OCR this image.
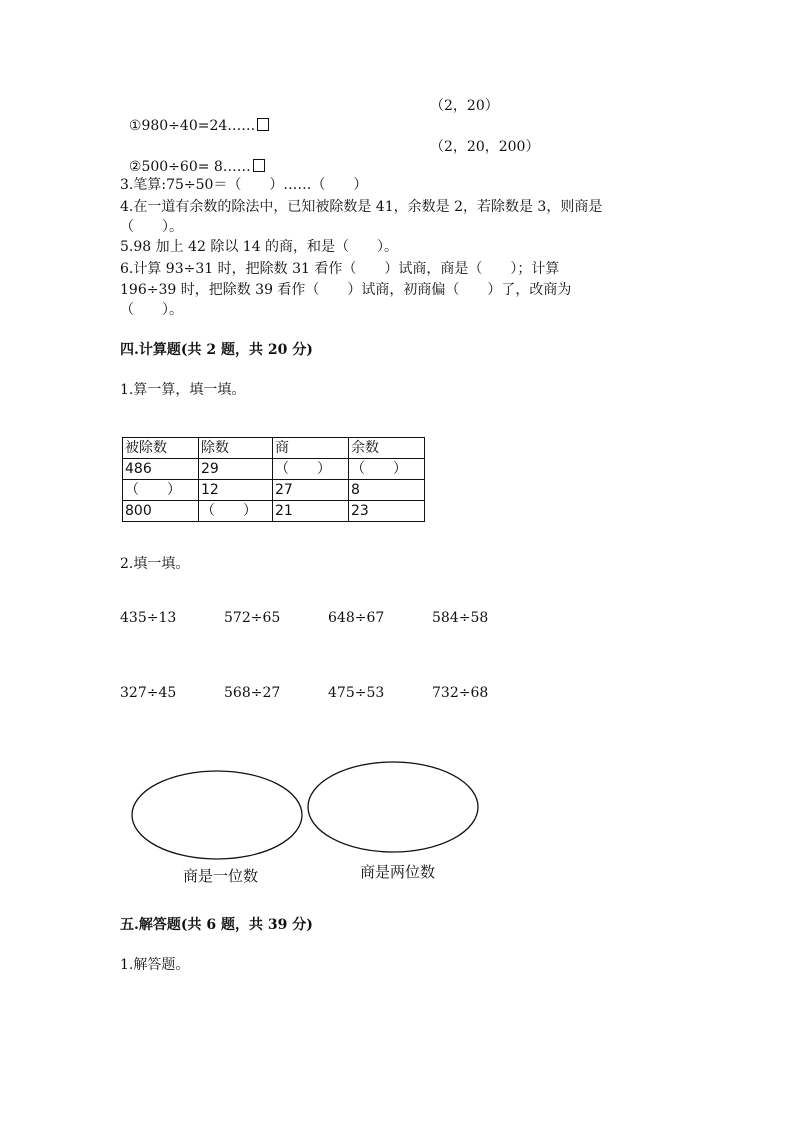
①980÷40=24……

（2，20）

②500÷60= 8……

（2，20，200）

3.笔算:75÷50＝（　　）……（　　）
4.在一道有余数的除法中，已知被除数是 41，余数是 2，若除数是 3，则商是
（　　）。
5.98 加上 42 除以 14 的商，和是（　　）。
6.计算 93÷31 时，把除数 31 看作（　　）试商，商是（　　）；计算
196÷39 时，把除数 39 看作（　　）试商，初商偏（　　）了，改商为
（　　）。
四.计算题(共 2 题，共 20 分)
1.算一算，填一填。
被除数	除数	商	余数
486	29	（　　）	（　　）
（　　）	12	27	8
800	（　　）	21	23
2.填一填。
435÷13	572÷65	648÷67	584÷58
327÷45	568÷27	475÷53	732÷68
商是一位数	商是两位数
五.解答题(共 6 题，共 39 分)
1.解答题。
